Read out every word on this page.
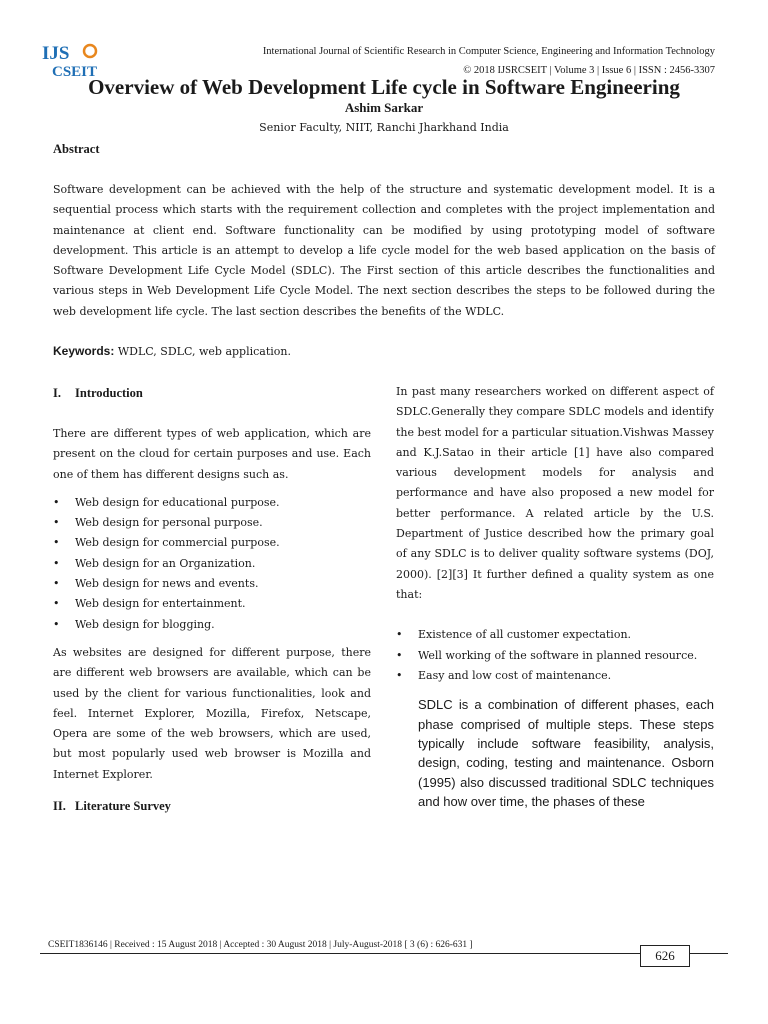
IJS
CSEIT
International Journal of Scientific Research in Computer Science, Engineering and Information Technology
© 2018 IJSRCSEIT | Volume 3 | Issue 6 | ISSN : 2456-3307
Overview of Web Development Life cycle in Software Engineering
Ashim Sarkar
Senior Faculty, NIIT, Ranchi Jharkhand India
Abstract
Software development can be achieved with the help of the structure and systematic development model. It is a sequential process which starts with the requirement collection and completes with the project implementation and maintenance at client end. Software functionality can be modified by using prototyping model of software development. This article is an attempt to develop a life cycle model for the web based application on the basis of Software Development Life Cycle Model (SDLC). The First section of this article describes the functionalities and various steps in Web Development Life Cycle Model. The next section describes the steps to be followed during the web development life cycle. The last section describes the benefits of the WDLC.
Keywords: WDLC, SDLC, web application.

I. Introduction

There are different types of web application, which are present on the cloud for certain purposes and use. Each one of them has different designs such as.

• Web design for educational purpose.
• Web design for personal purpose.
• Web design for commercial purpose.
• Web design for an Organization.
• Web design for news and events.
• Web design for entertainment.
• Web design for blogging.

As websites are designed for different purpose, there are different web browsers are available, which can be used by the client for various functionalities, look and feel. Internet Explorer, Mozilla, Firefox, Netscape, Opera are some of the web browsers, which are used, but most popularly used web browser is Mozilla and Internet Explorer.

II. Literature Survey

In past many researchers worked on different aspect of SDLC.Generally they compare SDLC models and identify the best model for a particular situation.Vishwas Massey and K.J.Satao in their article [1] have also compared various development models for analysis and performance and have also proposed a new model for better performance. A related article by the U.S. Department of Justice described how the primary goal of any SDLC is to deliver quality software systems (DOJ, 2000). [2][3] It further defined a quality system as one that:

• Existence of all customer expectation.
• Well working of the software in planned resource.
• Easy and low cost of maintenance.

SDLC is a combination of different phases, each phase comprised of multiple steps. These steps typically include software feasibility, analysis, design, coding, testing and maintenance. Osborn (1995) also discussed traditional SDLC techniques and how over time, the phases of these

CSEIT1836146 | Received : 15 August 2018 | Accepted : 30 August 2018 | July-August-2018 [ 3 (6) : 626-631 ]
626
